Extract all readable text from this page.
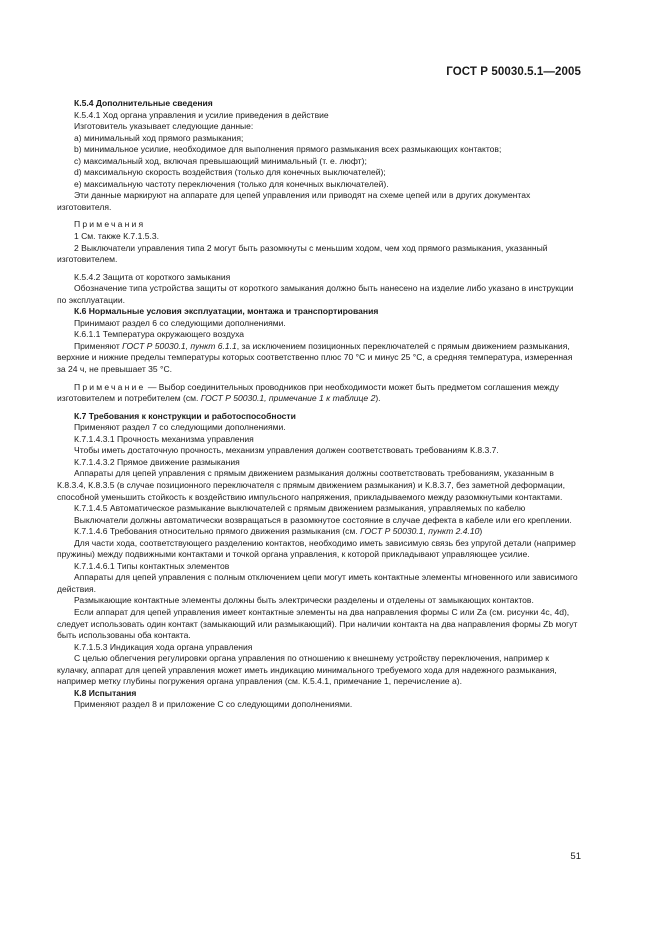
ГОСТ Р 50030.5.1—2005

К.5.4 Дополнительные сведения

К.5.4.1 Ход органа управления и усилие приведения в действие

Изготовитель указывает следующие данные:

а) минимальный ход прямого размыкания;

b) минимальное усилие, необходимое для выполнения прямого размыкания всех размыкающих контактов;

с) максимальный ход, включая превышающий минимальный (т. е. люфт);

d) максимальную скорость воздействия (только для конечных выключателей);

е) максимальную частоту переключения (только для конечных выключателей).

Эти данные маркируют на аппарате для цепей управления или приводят на схеме цепей или в других документах изготовителя.

Примечания

1 См. также К.7.1.5.3.

2 Выключатели управления типа 2 могут быть разомкнуты с меньшим ходом, чем ход прямого размыкания, указанный изготовителем.

К.5.4.2 Защита от короткого замыкания

Обозначение типа устройства защиты от короткого замыкания должно быть нанесено на изделие либо указано в инструкции по эксплуатации.

К.6 Нормальные условия эксплуатации, монтажа и транспортирования

Принимают раздел 6 со следующими дополнениями.

К.6.1.1 Температура окружающего воздуха

Применяют ГОСТ Р 50030.1, пункт 6.1.1, за исключением позиционных переключателей с прямым движением размыкания, верхние и нижние пределы температуры которых соответственно плюс 70 °С и минус 25 °С, а средняя температура, измеренная за 24 ч, не превышает 35 °С.

Примечание — Выбор соединительных проводников при необходимости может быть предметом соглашения между изготовителем и потребителем (см. ГОСТ Р 50030.1, примечание 1 к таблице 2).

К.7 Требования к конструкции и работоспособности

Применяют раздел 7 со следующими дополнениями.

К.7.1.4.3.1 Прочность механизма управления

Чтобы иметь достаточную прочность, механизм управления должен соответствовать требованиям К.8.3.7.

К.7.1.4.3.2 Прямое движение размыкания

Аппараты для цепей управления с прямым движением размыкания должны соответствовать требованиям, указанным в К.8.3.4, К.8.3.5 (в случае позиционного переключателя с прямым движением размыкания) и К.8.3.7, без заметной деформации, способной уменьшить стойкость к воздействию импульсного напряжения, прикладываемого между разомкнутыми контактами.

К.7.1.4.5 Автоматическое размыкание выключателей с прямым движением размыкания, управляемых по кабелю

Выключатели должны автоматически возвращаться в разомкнутое состояние в случае дефекта в кабеле или его креплении.

К.7.1.4.6 Требования относительно прямого движения размыкания (см. ГОСТ Р 50030.1, пункт 2.4.10)

Для части хода, соответствующего разделению контактов, необходимо иметь зависимую связь без упругой детали (например пружины) между подвижными контактами и точкой органа управления, к которой прикладывают управляющее усилие.

К.7.1.4.6.1 Типы контактных элементов

Аппараты для цепей управления с полным отключением цепи могут иметь контактные элементы мгновенного или зависимого действия.

Размыкающие контактные элементы должны быть электрически разделены и отделены от замыкающих контактов.

Если аппарат для цепей управления имеет контактные элементы на два направления формы С или Za (см. рисунки 4с, 4d), следует использовать один контакт (замыкающий или размыкающий). При наличии контакта на два направления формы Zb могут быть использованы оба контакта.

К.7.1.5.3 Индикация хода органа управления

С целью облегчения регулировки органа управления по отношению к внешнему устройству переключения, например к кулачку, аппарат для цепей управления может иметь индикацию минимального требуемого хода для надежного размыкания, например метку глубины погружения органа управления (см. К.5.4.1, примечание 1, перечисление а).

К.8 Испытания

Применяют раздел 8 и приложение С со следующими дополнениями.

51
